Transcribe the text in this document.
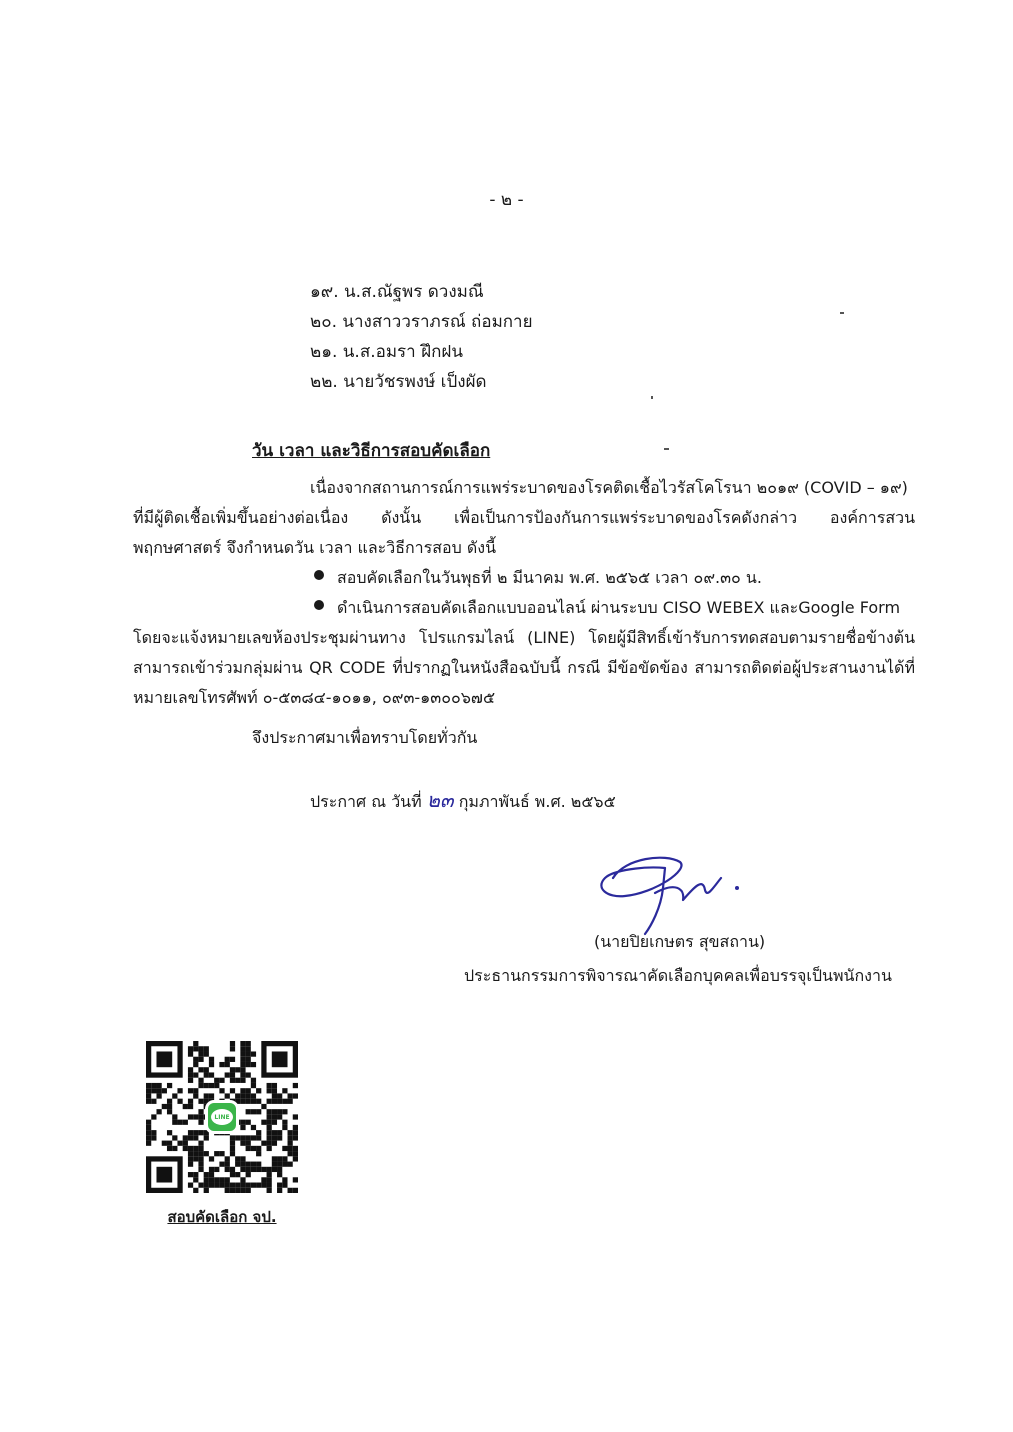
- ๒ -
๑๙. น.ส.ณัฐพร ดวงมณี
๒๐. นางสาววราภรณ์ ถ่อมกาย
๒๑. น.ส.อมรา ฝึกฝน
๒๒. นายวัชรพงษ์ เป็งผัด
วัน เวลา และวิธีการสอบคัดเลือก
เนื่องจากสถานการณ์การแพร่ระบาดของโรคติดเชื้อไวรัสโคโรนา ๒๐๑๙ (COVID – ๑๙)
ที่มีผู้ติดเชื้อเพิ่มขึ้นอย่างต่อเนื่อง ดังนั้น เพื่อเป็นการป้องกันการแพร่ระบาดของโรคดังกล่าว องค์การสวน
พฤกษศาสตร์ จึงกำหนดวัน เวลา และวิธีการสอบ ดังนี้
สอบคัดเลือกในวันพุธที่ ๒ มีนาคม พ.ศ. ๒๕๖๕ เวลา ๐๙.๓๐ น.
ดำเนินการสอบคัดเลือกแบบออนไลน์ ผ่านระบบ CISO WEBEX และGoogle Form
โดยจะแจ้งหมายเลขห้องประชุมผ่านทาง โปรแกรมไลน์ (LINE) โดยผู้มีสิทธิ์เข้ารับการทดสอบตามรายชื่อข้างต้น
สามารถเข้าร่วมกลุ่มผ่าน QR CODE ที่ปรากฏในหนังสือฉบับนี้ กรณี มีข้อขัดข้อง สามารถติดต่อผู้ประสานงานได้ที่
หมายเลขโทรศัพท์ ๐-๕๓๘๔-๑๐๑๑, ๐๙๓-๑๓๐๐๖๗๕
จึงประกาศมาเพื่อทราบโดยทั่วกัน
ประกาศ ณ วันที่ ๒๓ กุมภาพันธ์ พ.ศ. ๒๕๖๕
(นายปิยเกษตร สุขสถาน)
ประธานกรรมการพิจารณาคัดเลือกบุคคลเพื่อบรรจุเป็นพนักงาน
LINE
สอบคัดเลือก จป.
